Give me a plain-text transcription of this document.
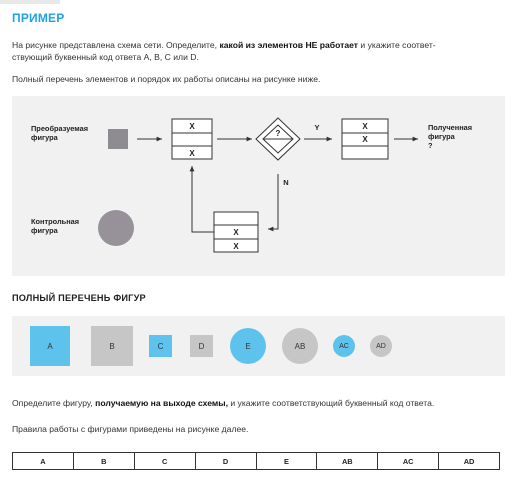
ПРИМЕР
На рисунке представлена схема сети. Определите, какой из элементов НЕ работает и укажите соответ-
ствующий буквенный код ответа A, B, C или D.
Полный перечень элементов и порядок их работы описаны на рисунке ниже.
X
X
?
Y	X
X
N
X
X
Преобразуемая
фигура
Контрольная
фигура
Полученная
фигура
?
ПОЛНЫЙ ПЕРЕЧЕНЬ ФИГУР
A	B	C	D	E	AB	AC	AD
Определите фигуру, получаемую на выходе схемы, и укажите соответствующий буквенный код ответа.
Правила работы с фигурами приведены на рисунке далее.
A	B	C	D	E	AB	AC	AD
